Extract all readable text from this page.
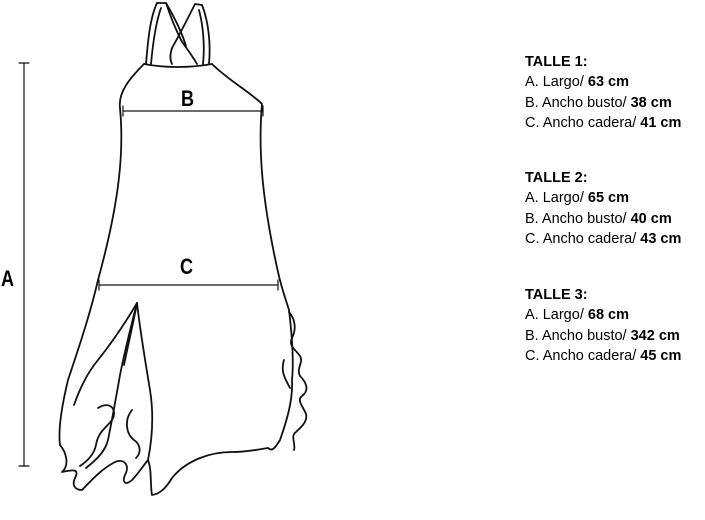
A
B
C
TALLE 1:
A. Largo/ 63 cm
B. Ancho busto/ 38 cm
C. Ancho cadera/ 41 cm
TALLE 2:
A. Largo/ 65 cm
B. Ancho busto/ 40 cm
C. Ancho cadera/ 43 cm
TALLE 3:
A. Largo/ 68 cm
B. Ancho busto/ 342 cm
C. Ancho cadera/ 45 cm
